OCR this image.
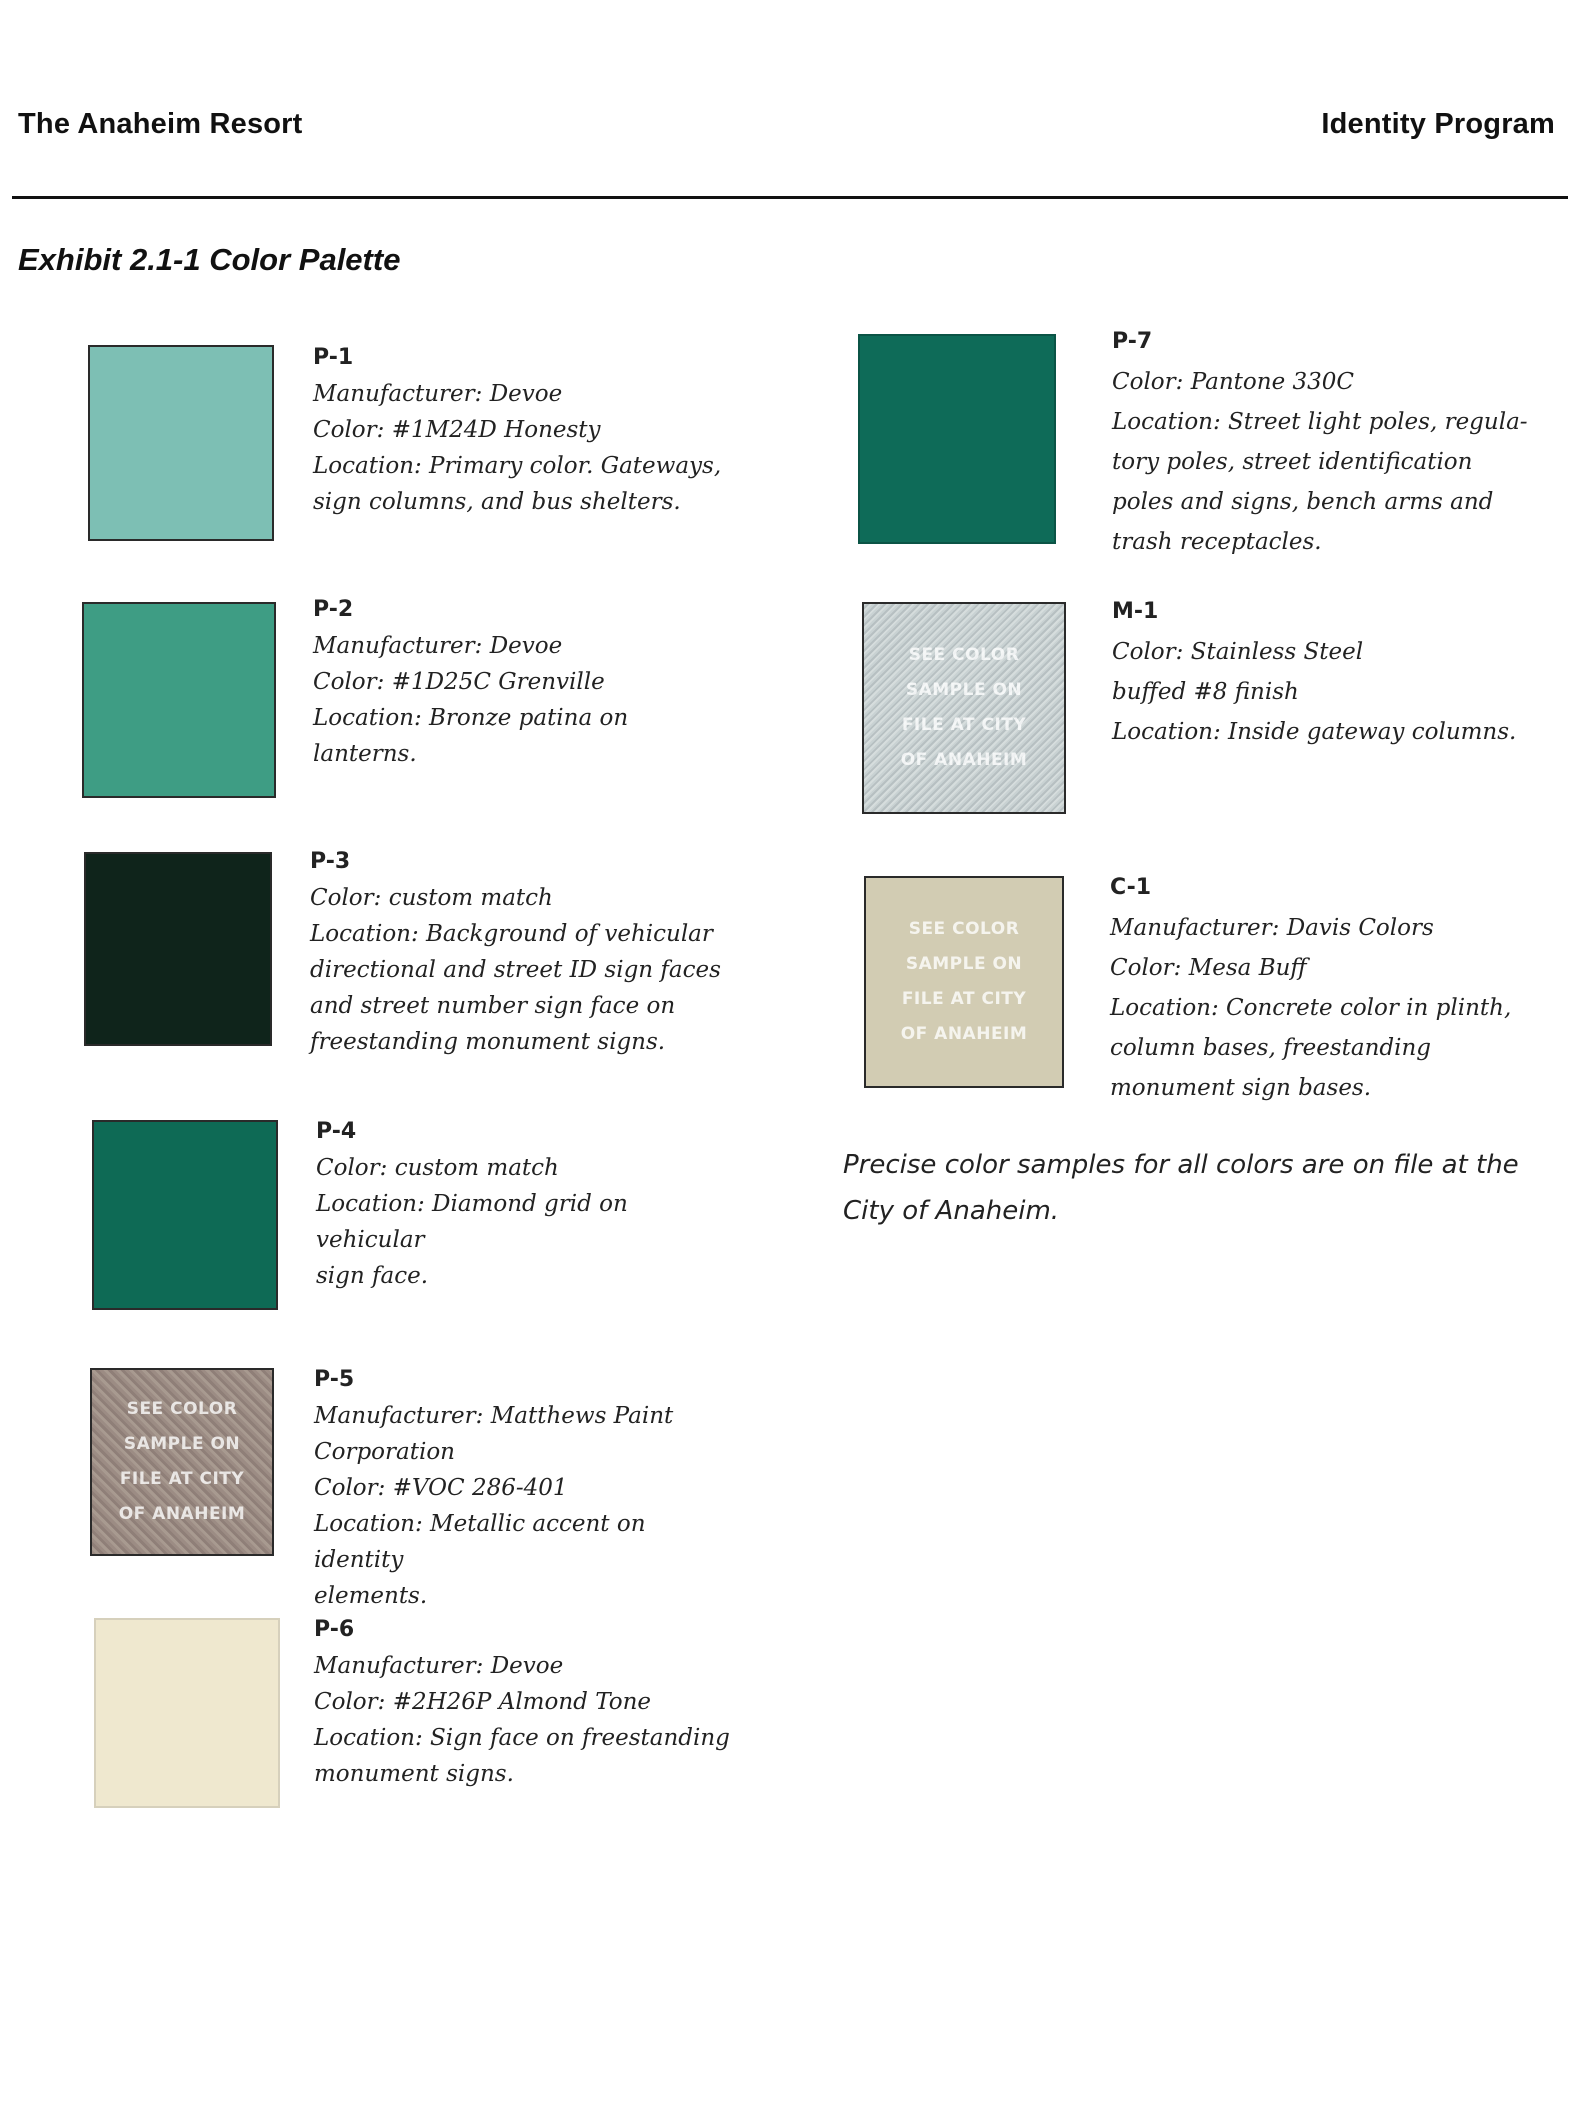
The Anaheim Resort	Identity Program
Exhibit 2.1-1 Color Palette
SEE COLOR
SAMPLE ON
FILE AT CITY
OF ANAHEIM
SEE COLOR
SAMPLE ON
FILE AT CITY
OF ANAHEIM
SEE COLOR
SAMPLE ON
FILE AT CITY
OF ANAHEIM
P-1
Manufacturer: Devoe
Color: #1M24D Honesty
Location: Primary color. Gateways,
sign columns, and bus shelters.
P-2
Manufacturer: Devoe
Color: #1D25C Grenville
Location: Bronze patina on lanterns.
P-3
Color: custom match
Location: Background of vehicular
directional and street ID sign faces
and street number sign face on
freestanding monument signs.
P-4
Color: custom match
Location: Diamond grid on vehicular
sign face.
P-5
Manufacturer: Matthews Paint
Corporation
Color: #VOC 286-401
Location: Metallic accent on identity
elements.
P-6
Manufacturer: Devoe
Color: #2H26P Almond Tone
Location: Sign face on freestanding
monument signs.
P-7
Color: Pantone 330C
Location: Street light poles, regula-
tory poles, street identification
poles and signs, bench arms and
trash receptacles.
M-1
Color: Stainless Steel
buffed #8 finish
Location: Inside gateway columns.
C-1
Manufacturer: Davis Colors
Color: Mesa Buff
Location: Concrete color in plinth,
column bases, freestanding
monument sign bases.
Precise color samples for all colors are on file at the
City of Anaheim.
